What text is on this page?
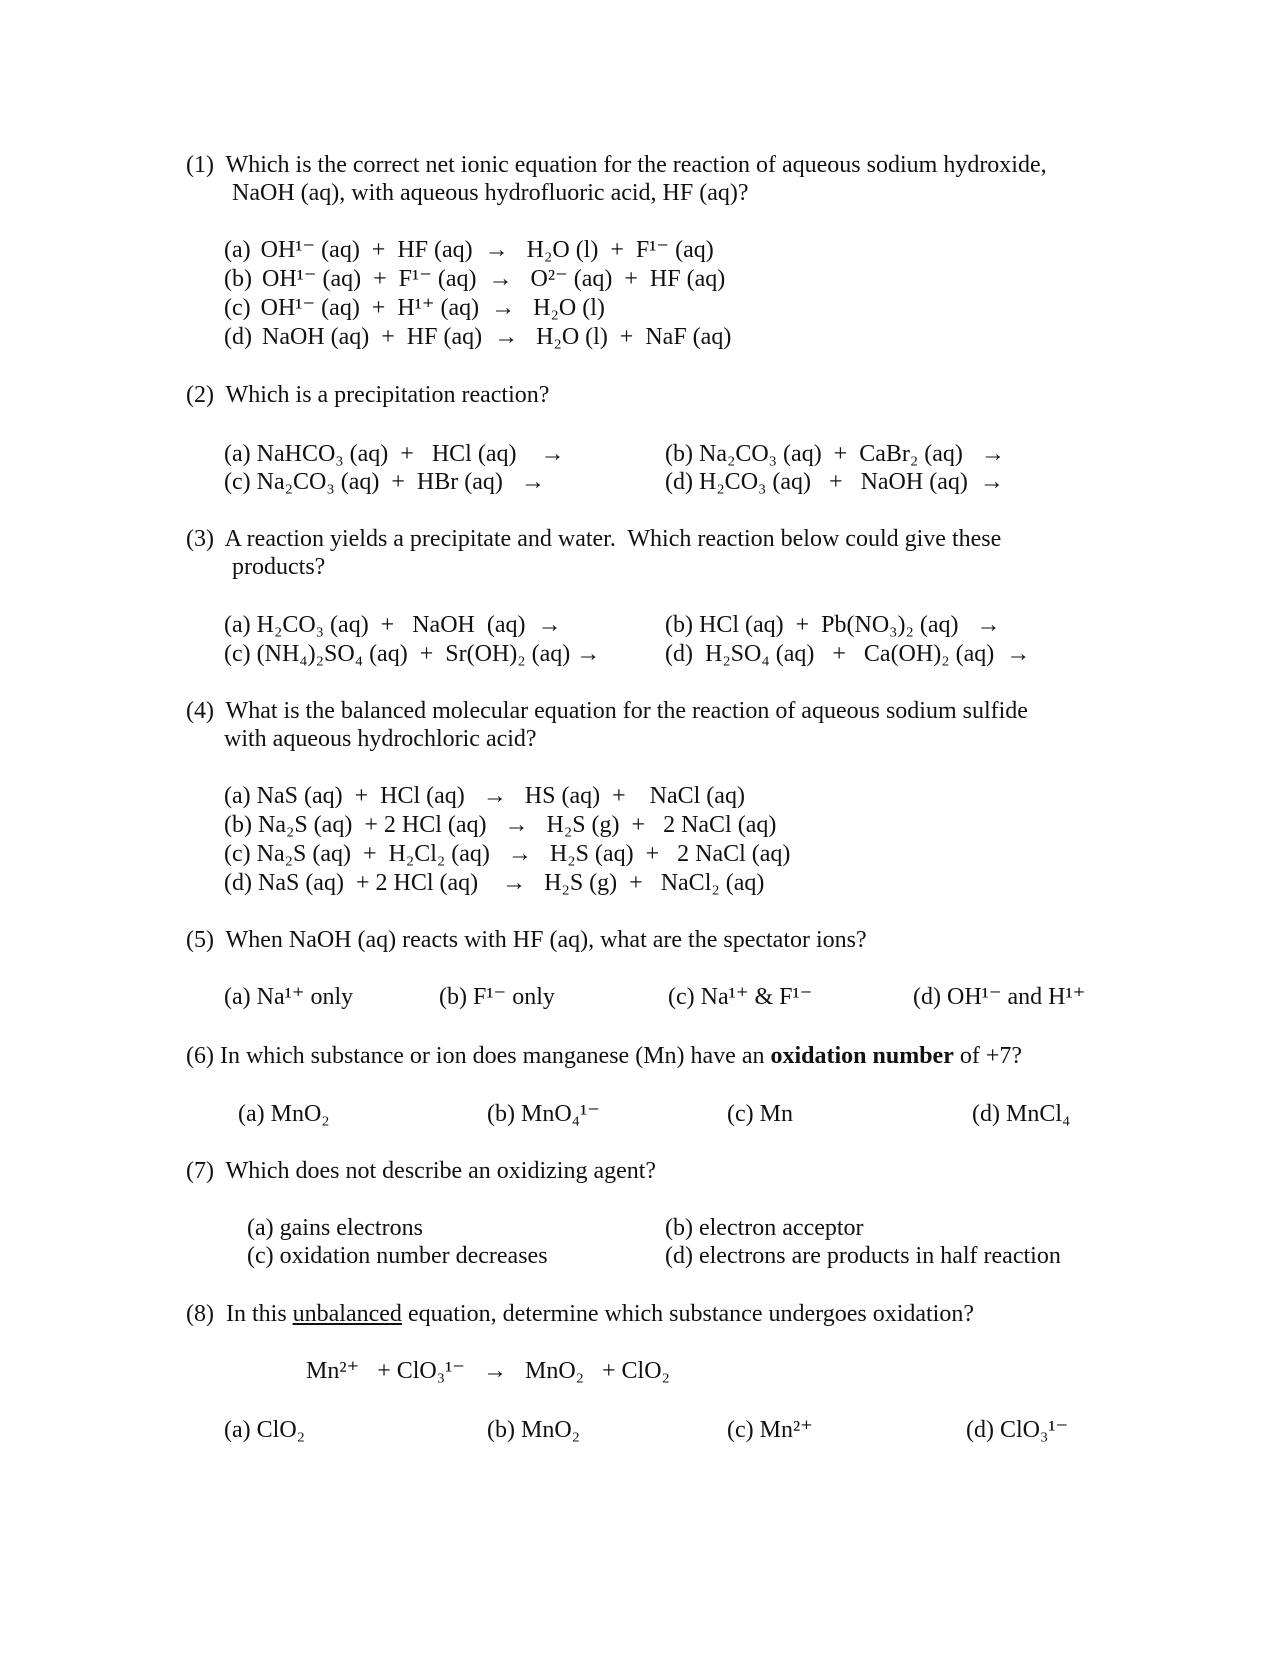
(1)  Which is the correct net ionic equation for the reaction of aqueous sodium hydroxide,
NaOH (aq), with aqueous hydrofluoric acid, HF (aq)?
(a) OH¹⁻ (aq)  +  HF (aq)  →   H₂O (l)  +  F¹⁻ (aq)
(b) OH¹⁻ (aq)  +  F¹⁻ (aq)  →   O²⁻ (aq)  +  HF (aq)
(c) OH¹⁻ (aq)  +  H¹⁺ (aq)  →   H₂O (l)
(d) NaOH (aq)  +  HF (aq)  →   H₂O (l)  +  NaF (aq)
(2)  Which is a precipitation reaction?
(a) NaHCO₃ (aq)  +   HCl (aq)    →	(b) Na₂CO₃ (aq)  +  CaBr₂ (aq)   →
(c) Na₂CO₃ (aq)  +  HBr (aq)   →	(d) H₂CO₃ (aq)   +   NaOH (aq)  →
(3)  A reaction yields a precipitate and water.  Which reaction below could give these
products?
(a) H₂CO₃ (aq)  +   NaOH  (aq)  →	(b) HCl (aq)  +  Pb(NO₃)₂ (aq)   →
(c) (NH₄)₂SO₄ (aq)  +  Sr(OH)₂ (aq) →	(d)  H₂SO₄ (aq)   +   Ca(OH)₂ (aq)  →
(4)  What is the balanced molecular equation for the reaction of aqueous sodium sulfide
with aqueous hydrochloric acid?
(a) NaS (aq)  +  HCl (aq)   →   HS (aq)  +    NaCl (aq)
(b) Na₂S (aq)  + 2 HCl (aq)   →   H₂S (g)  +   2 NaCl (aq)
(c) Na₂S (aq)  +  H₂Cl₂ (aq)   →   H₂S (aq)  +   2 NaCl (aq)
(d) NaS (aq)  + 2 HCl (aq)    →   H₂S (g)  +   NaCl₂ (aq)
(5)  When NaOH (aq) reacts with HF (aq), what are the spectator ions?
(a) Na¹⁺ only	(b) F¹⁻ only	(c) Na¹⁺ & F¹⁻	(d) OH¹⁻ and H¹⁺
(6) In which substance or ion does manganese (Mn) have an oxidation number of +7?
(a) MnO₂	(b) MnO₄¹⁻	(c) Mn	(d) MnCl₄
(7)  Which does not describe an oxidizing agent?
(a) gains electrons	(b) electron acceptor
(c) oxidation number decreases	(d) electrons are products in half reaction
(8)  In this unbalanced equation, determine which substance undergoes oxidation?
Mn²⁺   + ClO₃¹⁻   →   MnO₂   + ClO₂
(a) ClO₂	(b) MnO₂	(c) Mn²⁺	(d) ClO₃¹⁻
